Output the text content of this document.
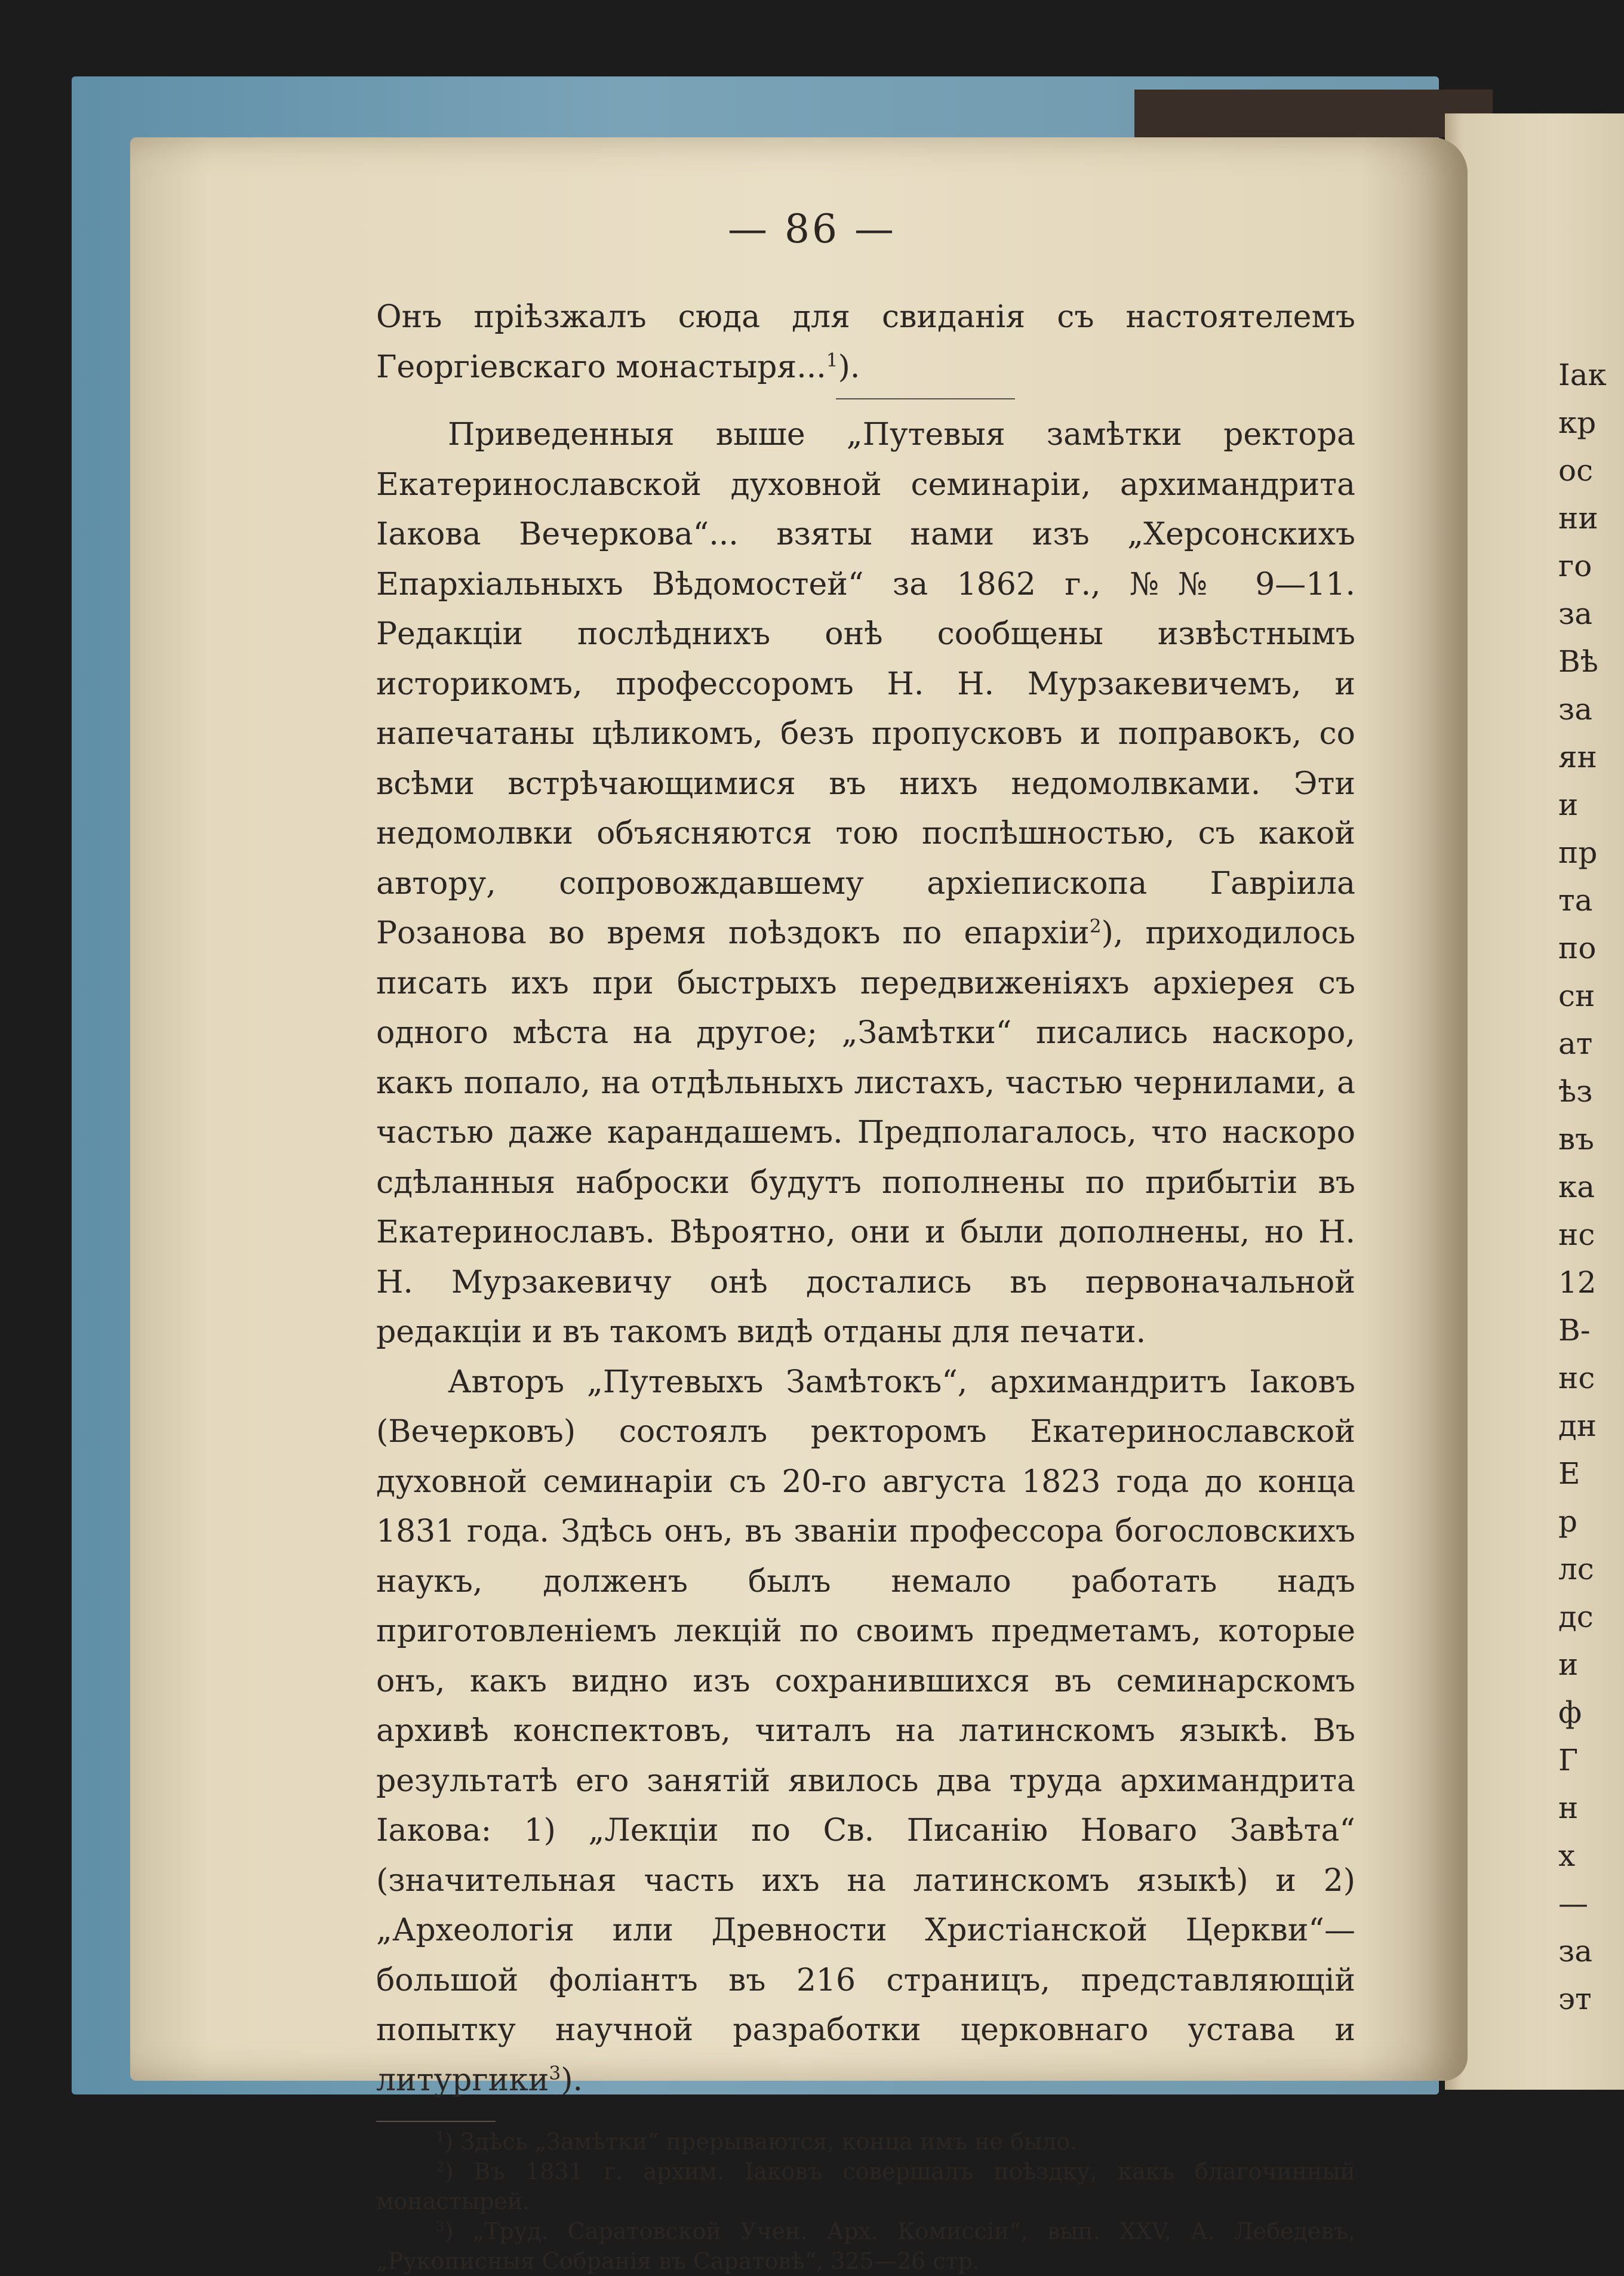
Іак
кр
ос
ни
го
за
Вѣ
за
ян
и
пр
та
по
сн
ат
ѣз
въ
ка
нс
12
В-
нс
дн
Е
р
лс
дс
и
ф
Г
н
х
—
за
эт
— 86 —

Онъ пріѣзжалъ сюда для свиданія съ настоятелемъ Георгіевскаго монастыря...$^1$).

Приведенныя выше „Путевыя замѣтки ректора Екатеринославской духовной семинаріи, архимандрита Іакова Вечеркова“... взяты нами изъ „Херсонскихъ Епархіальныхъ Вѣдомостей“ за 1862 г., №№ 9—11. Редакціи послѣднихъ онѣ сообщены извѣстнымъ историкомъ, профессоромъ Н. Н. Мурзакевичемъ, и напечатаны цѣликомъ, безъ пропусковъ и поправокъ, со всѣми встрѣчающимися въ нихъ недомолвками. Эти недомолвки объясняются тою поспѣшностью, съ какой автору, сопровождавшему архіепископа Гавріила Розанова во время поѣздокъ по епархіи$^2$), приходилось писать ихъ при быстрыхъ передвиженіяхъ архіерея съ одного мѣста на другое; „Замѣтки“ писались наскоро, какъ попало, на отдѣльныхъ листахъ, частью чернилами, а частью даже карандашемъ. Предполагалось, что наскоро сдѣланныя наброски будутъ пополнены по прибытіи въ Екатеринославъ. Вѣроятно, они и были дополнены, но Н. Н. Мурзакевичу онѣ достались въ первоначальной редакціи и въ такомъ видѣ отданы для печати.

Авторъ „Путевыхъ Замѣтокъ“, архимандритъ Іаковъ (Вечерковъ) состоялъ ректоромъ Екатеринославской духовной семинаріи съ 20-го августа 1823 года до конца 1831 года. Здѣсь онъ, въ званіи профессора богословскихъ наукъ, долженъ былъ немало работать надъ приготовленіемъ лекцій по своимъ предметамъ, которые онъ, какъ видно изъ сохранившихся въ семинарскомъ архивѣ конспектовъ, читалъ на латинскомъ языкѣ. Въ результатѣ его занятій явилось два труда архимандрита Іакова: 1) „Лекціи по Св. Писанію Новаго Завѣта“ (значительная часть ихъ на латинскомъ языкѣ) и 2) „Археологія или Древности Христіанской Церкви“—большой фоліантъ въ 216 страницъ, представляющій попытку научной разработки церковнаго устава и литургики$^3$).

$^1$) Здѣсь „Замѣтки“ прерываются, конца имъ не было.

$^2$) Въ 1831 г. архим. Іаковъ совершалъ поѣздку, какъ благочинный монастырей.

$^3$) „Труд. Саратовской Учен. Арх. Комиссіи“, вып. XXV, А. Лебедевъ, „Рукописныя Собранія въ Саратовѣ“, 325—26 стр.
